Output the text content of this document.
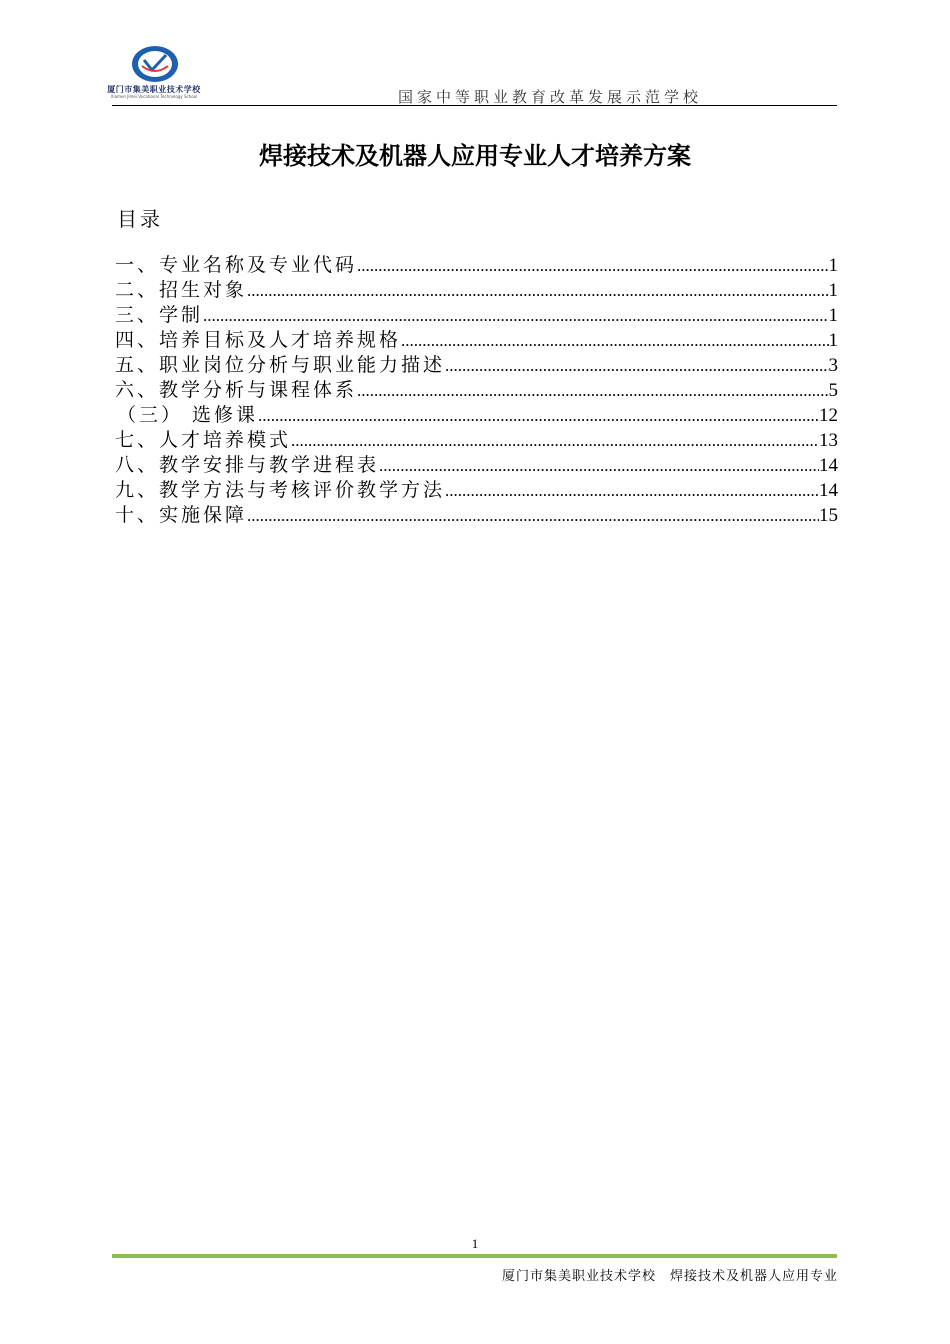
厦门市集美职业技术学校
Xiamen Jimei Vocational Technology School	国家中等职业教育改革发展示范学校
焊接技术及机器人应用专业人才培养方案
目录
一、专业名称及专业代码 .....	1
二、招生对象 .....	1
三、学制 .....	1
四、培养目标及人才培养规格 .....	1
五、职业岗位分析与职业能力描述 .....	3
六、教学分析与课程体系 .....	5
（三） 选修课 .....	12
七、人才培养模式 .....	13
八、教学安排与教学进程表 .....	14
九、教学方法与考核评价教学方法 .....	14
十、实施保障 .....	15
1
厦门市集美职业技术学校 焊接技术及机器人应用专业
